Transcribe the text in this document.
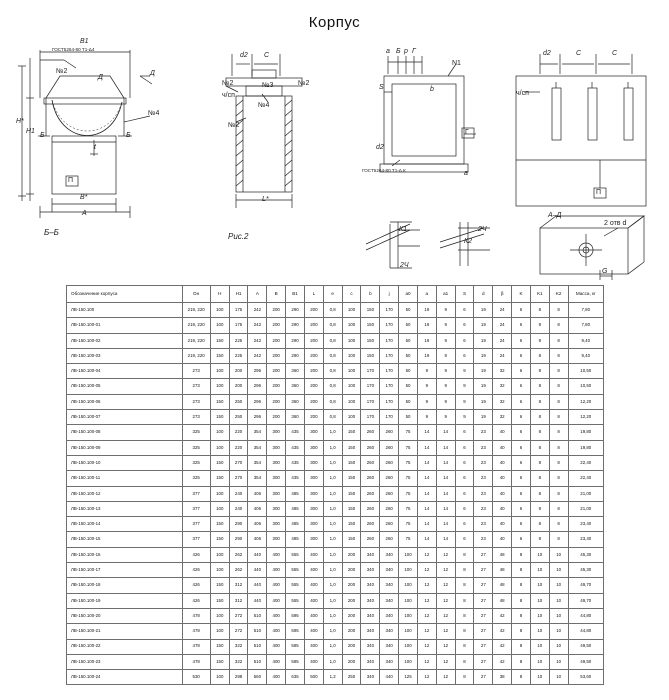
Корпус
Б–Б	Рис.2
А–Д
В1
ГОСТ5264-80 Т1-Δ4
№2
Д
Д
№4
Н*
Н1
Б	Б
t
П
В*
А
d2 C
№2	№3	№2
ч/сп
№4
№2
L*
a Б р Г
N1
S	b
Г
d2
ГОСТ5264-80 Т1-Δ,К	a
d2	C	C
ч/сп
П
К1
2Ч
К2
2Ч
2 отв d
G
Обозначение корпуса	Dн	H	H1	A	B	B1	L	e	c	b	j	a0	a	a1	S	d	β	K	K1	K2	Масса, кг
ЛВ-150.100	219, 220	100	175	242	200	290	200	0,8	100	150	170	50	19	9	6	19	24	6	8	8	7,80
ЛВ-150.100-01	219, 220	100	175	242	200	290	200	0,8	100	150	170	50	19	9	6	19	24	6	8	8	7,80
ЛВ-150.100-02	219, 220	150	225	242	200	290	200	0,8	100	150	170	50	19	9	6	19	24	6	8	8	9,40
ЛВ-150.100-03	219, 220	150	225	242	200	290	200	0,8	100	150	170	50	19	9	6	19	24	6	8	8	9,40
ЛВ-150.100-04	273	100	200	296	200	360	200	0,8	100	170	170	50	9	9	9	19	32	6	8	8	10,50
ЛВ-150.100-05	273	100	200	296	200	360	200	0,8	100	170	170	50	9	9	9	19	32	6	8	8	10,50
ЛВ-150.100-06	273	150	250	296	200	360	200	0,8	100	170	170	50	9	9	9	19	32	6	8	8	12,20
ЛВ-150.100-07	273	150	250	296	200	360	200	0,8	100	170	170	50	9	9	9	19	32	6	8	8	12,20
ЛВ-150.100-08	325	100	220	354	300	435	300	1,0	150	260	260	75	14	14	6	23	40	6	8	8	19,80
ЛВ-150.100-09	325	100	220	354	300	435	300	1,0	150	260	260	75	14	14	6	23	40	6	8	8	19,80
ЛВ-150.100-10	325	150	270	354	300	435	300	1,0	150	260	260	75	14	14	6	23	40	6	8	8	22,40
ЛВ-150.100-11	325	150	270	354	300	435	300	1,0	150	260	260	75	14	14	6	23	40	6	8	8	22,40
ЛВ-150.100-12	377	100	240	406	300	485	300	1,0	150	260	260	75	14	14	6	23	40	6	8	8	21,00
ЛВ-150.100-13	377	100	240	406	300	485	300	1,0	150	260	260	75	14	14	6	23	40	6	8	8	21,00
ЛВ-150.100-14	377	150	290	406	300	485	300	1,0	150	260	260	75	14	14	6	23	40	6	8	8	23,40
ЛВ-150.100-15	377	150	290	406	300	485	300	1,0	150	260	260	75	14	14	6	23	40	6	8	8	23,40
ЛВ-150.100-16	426	100	262	440	400	555	400	1,0	200	340	340	100	12	12	8	27	48	8	10	10	45,30
ЛВ-150.100-17	426	100	262	440	400	555	400	1,0	200	340	340	100	12	12	8	27	48	8	10	10	45,30
ЛВ-150.100-18	426	150	312	440	400	555	400	1,0	200	340	340	100	12	12	8	27	48	8	10	10	49,70
ЛВ-150.100-19	426	150	312	440	400	555	400	1,0	200	340	340	100	12	12	8	27	48	8	10	10	49,70
ЛВ-150.100-20	478	100	272	510	400	595	400	1,0	200	340	340	100	12	12	8	27	42	8	10	10	44,80
ЛВ-150.100-21	478	100	272	510	400	595	400	1,0	200	340	340	100	12	12	8	27	42	8	10	10	44,80
ЛВ-150.100-22	478	150	322	510	400	595	400	1,0	200	340	340	100	12	12	8	27	42	8	10	10	49,50
ЛВ-150.100-23	478	150	322	510	400	595	400	1,0	200	340	340	100	12	12	8	27	42	8	10	10	49,50
ЛВ-150.100-24	530	100	298	560	400	635	500	1,2	250	340	440	125	12	12	8	27	38	8	10	10	53,60
